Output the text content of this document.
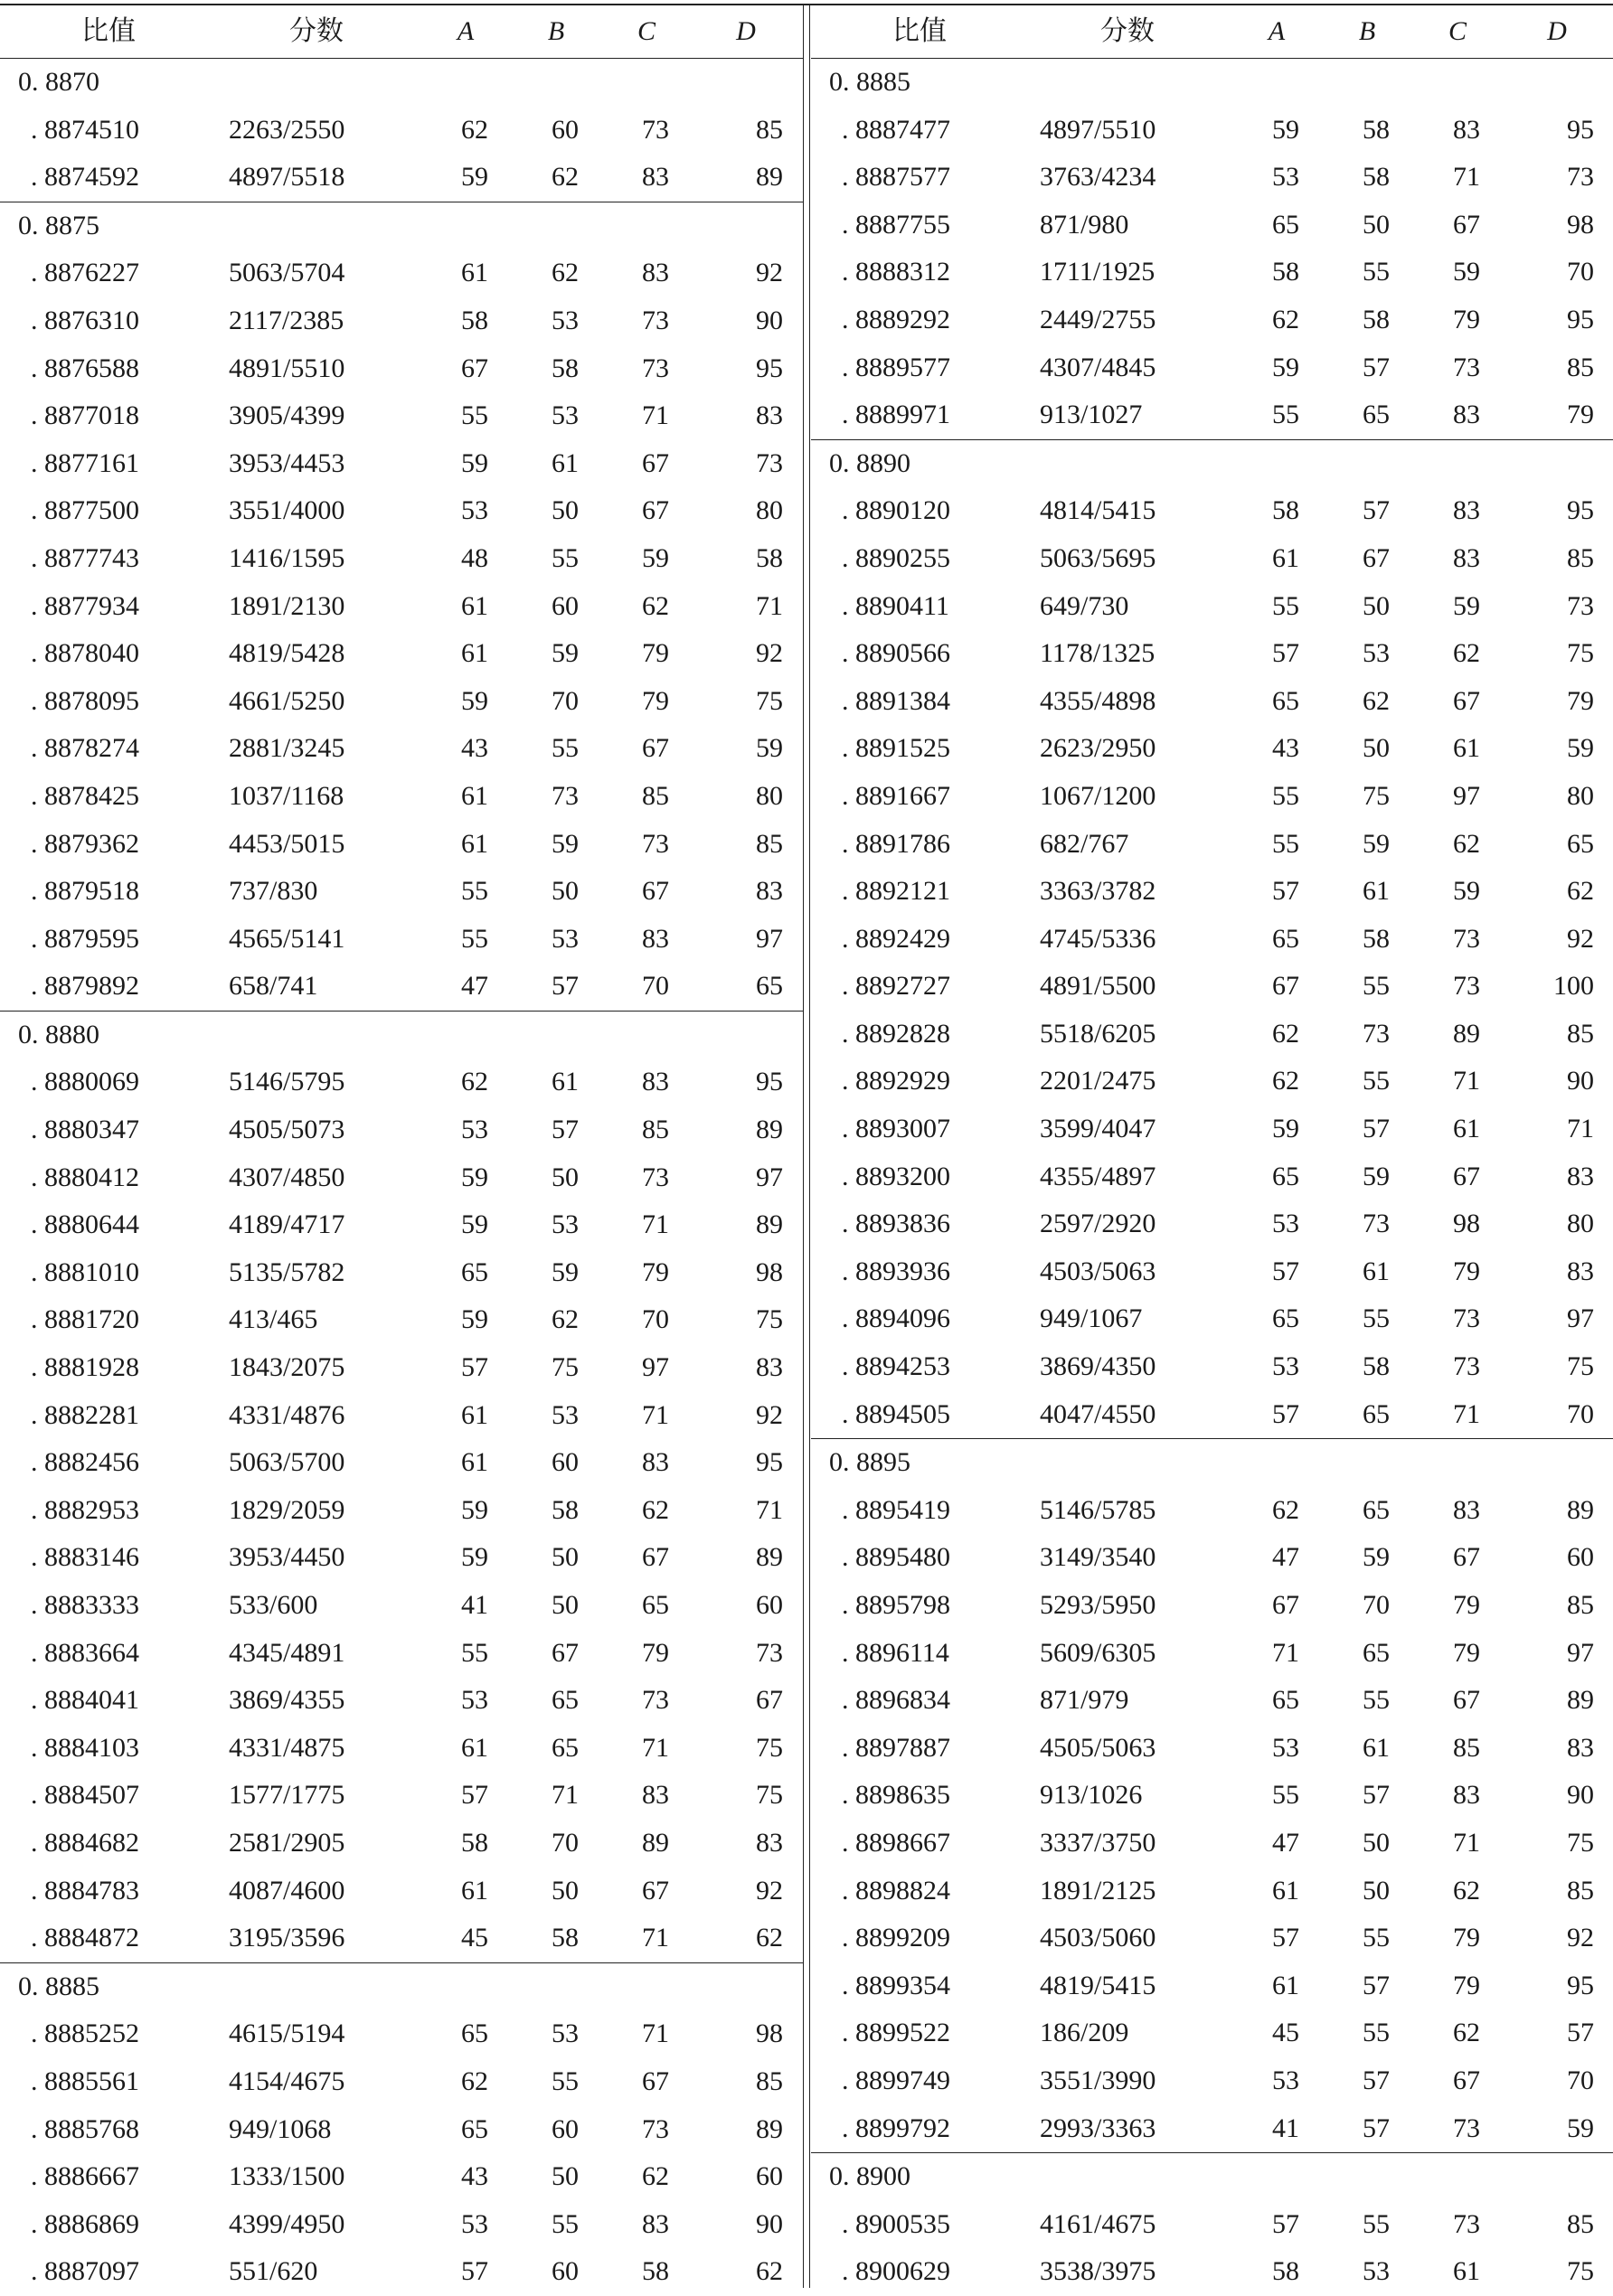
比值	分数	A	B	C	D
0. 8870
. 8874510	2263/2550	62	60	73	85
. 8874592	4897/5518	59	62	83	89
0. 8875
. 8876227	5063/5704	61	62	83	92
. 8876310	2117/2385	58	53	73	90
. 8876588	4891/5510	67	58	73	95
. 8877018	3905/4399	55	53	71	83
. 8877161	3953/4453	59	61	67	73
. 8877500	3551/4000	53	50	67	80
. 8877743	1416/1595	48	55	59	58
. 8877934	1891/2130	61	60	62	71
. 8878040	4819/5428	61	59	79	92
. 8878095	4661/5250	59	70	79	75
. 8878274	2881/3245	43	55	67	59
. 8878425	1037/1168	61	73	85	80
. 8879362	4453/5015	61	59	73	85
. 8879518	737/830	55	50	67	83
. 8879595	4565/5141	55	53	83	97
. 8879892	658/741	47	57	70	65
0. 8880
. 8880069	5146/5795	62	61	83	95
. 8880347	4505/5073	53	57	85	89
. 8880412	4307/4850	59	50	73	97
. 8880644	4189/4717	59	53	71	89
. 8881010	5135/5782	65	59	79	98
. 8881720	413/465	59	62	70	75
. 8881928	1843/2075	57	75	97	83
. 8882281	4331/4876	61	53	71	92
. 8882456	5063/5700	61	60	83	95
. 8882953	1829/2059	59	58	62	71
. 8883146	3953/4450	59	50	67	89
. 8883333	533/600	41	50	65	60
. 8883664	4345/4891	55	67	79	73
. 8884041	3869/4355	53	65	73	67
. 8884103	4331/4875	61	65	71	75
. 8884507	1577/1775	57	71	83	75
. 8884682	2581/2905	58	70	89	83
. 8884783	4087/4600	61	50	67	92
. 8884872	3195/3596	45	58	71	62
0. 8885
. 8885252	4615/5194	65	53	71	98
. 8885561	4154/4675	62	55	67	85
. 8885768	949/1068	65	60	73	89
. 8886667	1333/1500	43	50	62	60
. 8886869	4399/4950	53	55	83	90
. 8887097	551/620	57	60	58	62
比值	分数	A	B	C	D
0. 8885
. 8887477	4897/5510	59	58	83	95
. 8887577	3763/4234	53	58	71	73
. 8887755	871/980	65	50	67	98
. 8888312	1711/1925	58	55	59	70
. 8889292	2449/2755	62	58	79	95
. 8889577	4307/4845	59	57	73	85
. 8889971	913/1027	55	65	83	79
0. 8890
. 8890120	4814/5415	58	57	83	95
. 8890255	5063/5695	61	67	83	85
. 8890411	649/730	55	50	59	73
. 8890566	1178/1325	57	53	62	75
. 8891384	4355/4898	65	62	67	79
. 8891525	2623/2950	43	50	61	59
. 8891667	1067/1200	55	75	97	80
. 8891786	682/767	55	59	62	65
. 8892121	3363/3782	57	61	59	62
. 8892429	4745/5336	65	58	73	92
. 8892727	4891/5500	67	55	73	100
. 8892828	5518/6205	62	73	89	85
. 8892929	2201/2475	62	55	71	90
. 8893007	3599/4047	59	57	61	71
. 8893200	4355/4897	65	59	67	83
. 8893836	2597/2920	53	73	98	80
. 8893936	4503/5063	57	61	79	83
. 8894096	949/1067	65	55	73	97
. 8894253	3869/4350	53	58	73	75
. 8894505	4047/4550	57	65	71	70
0. 8895
. 8895419	5146/5785	62	65	83	89
. 8895480	3149/3540	47	59	67	60
. 8895798	5293/5950	67	70	79	85
. 8896114	5609/6305	71	65	79	97
. 8896834	871/979	65	55	67	89
. 8897887	4505/5063	53	61	85	83
. 8898635	913/1026	55	57	83	90
. 8898667	3337/3750	47	50	71	75
. 8898824	1891/2125	61	50	62	85
. 8899209	4503/5060	57	55	79	92
. 8899354	4819/5415	61	57	79	95
. 8899522	186/209	45	55	62	57
. 8899749	3551/3990	53	57	67	70
. 8899792	2993/3363	41	57	73	59
0. 8900
. 8900535	4161/4675	57	55	73	85
. 8900629	3538/3975	58	53	61	75
